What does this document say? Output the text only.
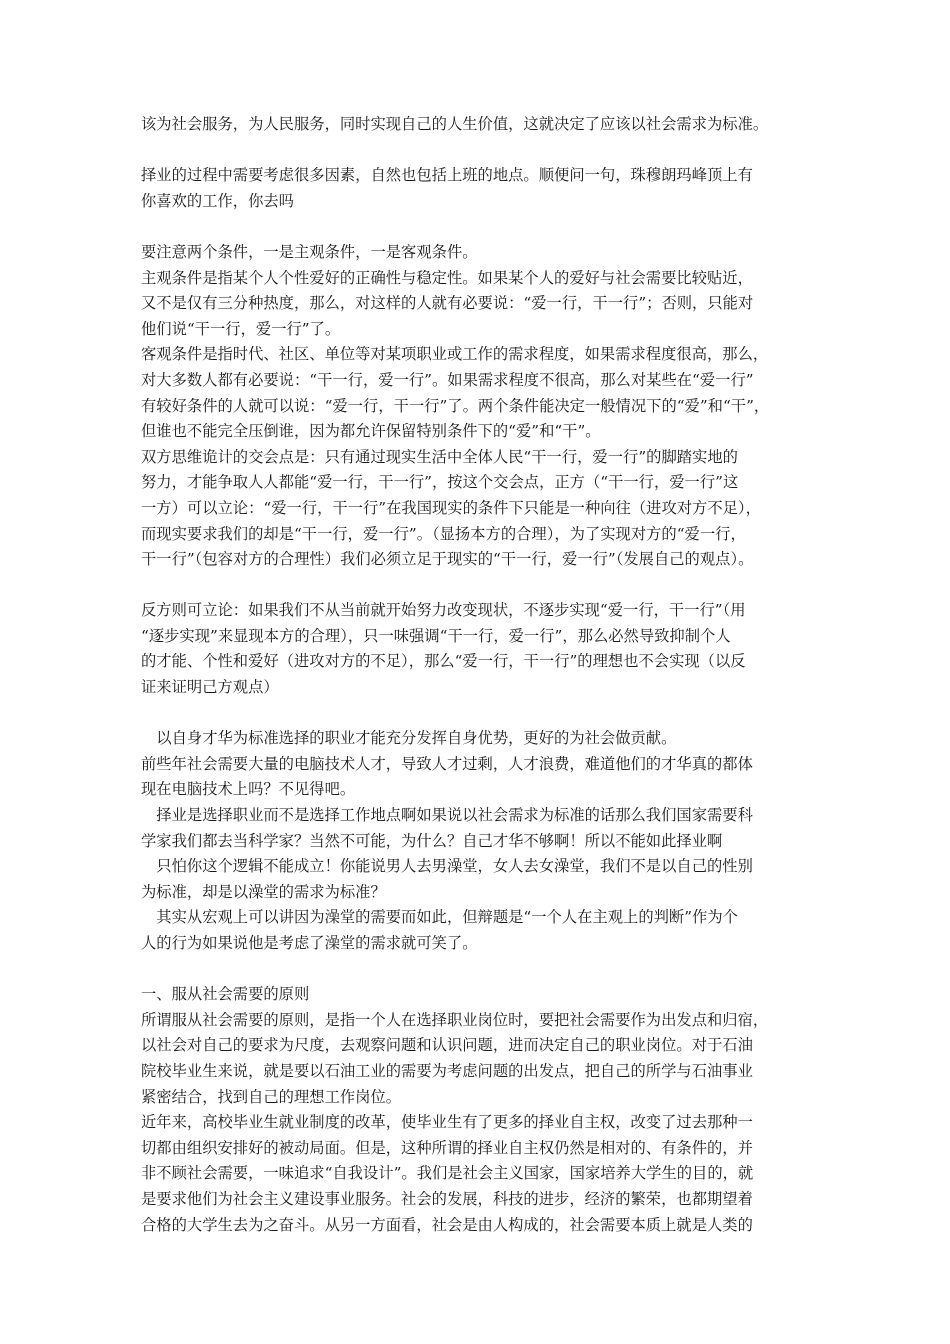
该为社会服务，为人民服务，同时实现自己的人生价值，这就决定了应该以社会需求为标准。
择业的过程中需要考虑很多因素，自然也包括上班的地点。顺便问一句，珠穆朗玛峰顶上有
你喜欢的工作，你去吗
要注意两个条件，一是主观条件，一是客观条件。
主观条件是指某个人个性爱好的正确性与稳定性。如果某个人的爱好与社会需要比较贴近，
又不是仅有三分种热度，那么，对这样的人就有必要说：“爱一行，干一行”；否则，只能对
他们说“干一行，爱一行”了。
客观条件是指时代、社区、单位等对某项职业或工作的需求程度，如果需求程度很高，那么，
对大多数人都有必要说：“干一行，爱一行”。如果需求程度不很高，那么对某些在“爱一行”
有较好条件的人就可以说：“爱一行，干一行”了。两个条件能决定一般情况下的“爱”和“干”，
但谁也不能完全压倒谁，因为都允许保留特别条件下的“爱”和“干”。
双方思维诡计的交会点是：只有通过现实生活中全体人民“干一行，爱一行”的脚踏实地的
努力，才能争取人人都能“爱一行，干一行”，按这个交会点，正方（“干一行，爱一行”这
一方）可以立论：“爱一行，干一行”在我国现实的条件下只能是一种向往（进攻对方不足），
而现实要求我们的却是“干一行，爱一行”。（显扬本方的合理），为了实现对方的“爱一行，
干一行”（包容对方的合理性）我们必须立足于现实的“干一行，爱一行”（发展自己的观点）。
反方则可立论：如果我们不从当前就开始努力改变现状，不逐步实现“爱一行，干一行”（用
“逐步实现”来显现本方的合理），只一味强调“干一行，爱一行”，那么必然导致抑制个人
的才能、个性和爱好（进攻对方的不足），那么“爱一行，干一行”的理想也不会实现（以反
证来证明己方观点）
　以自身才华为标准选择的职业才能充分发挥自身优势，更好的为社会做贡献。
前些年社会需要大量的电脑技术人才，导致人才过剩，人才浪费，难道他们的才华真的都体
现在电脑技术上吗？不见得吧。
　择业是选择职业而不是选择工作地点啊如果说以社会需求为标准的话那么我们国家需要科
学家我们都去当科学家？当然不可能，为什么？自己才华不够啊！所以不能如此择业啊
　只怕你这个逻辑不能成立！你能说男人去男澡堂，女人去女澡堂，我们不是以自己的性别
为标准，却是以澡堂的需求为标准？
　其实从宏观上可以讲因为澡堂的需要而如此，但辩题是“一个人在主观上的判断”作为个
人的行为如果说他是考虑了澡堂的需求就可笑了。
一、服从社会需要的原则
所谓服从社会需要的原则，是指一个人在选择职业岗位时，要把社会需要作为出发点和归宿，
以社会对自己的要求为尺度，去观察问题和认识问题，进而决定自己的职业岗位。对于石油
院校毕业生来说，就是要以石油工业的需要为考虑问题的出发点，把自己的所学与石油事业
紧密结合，找到自己的理想工作岗位。
近年来，高校毕业生就业制度的改革，使毕业生有了更多的择业自主权，改变了过去那种一
切都由组织安排好的被动局面。但是，这种所谓的择业自主权仍然是相对的、有条件的，并
非不顾社会需要，一味追求“自我设计”。我们是社会主义国家，国家培养大学生的目的，就
是要求他们为社会主义建设事业服务。社会的发展，科技的进步，经济的繁荣，也都期望着
合格的大学生去为之奋斗。从另一方面看，社会是由人构成的，社会需要本质上就是人类的
